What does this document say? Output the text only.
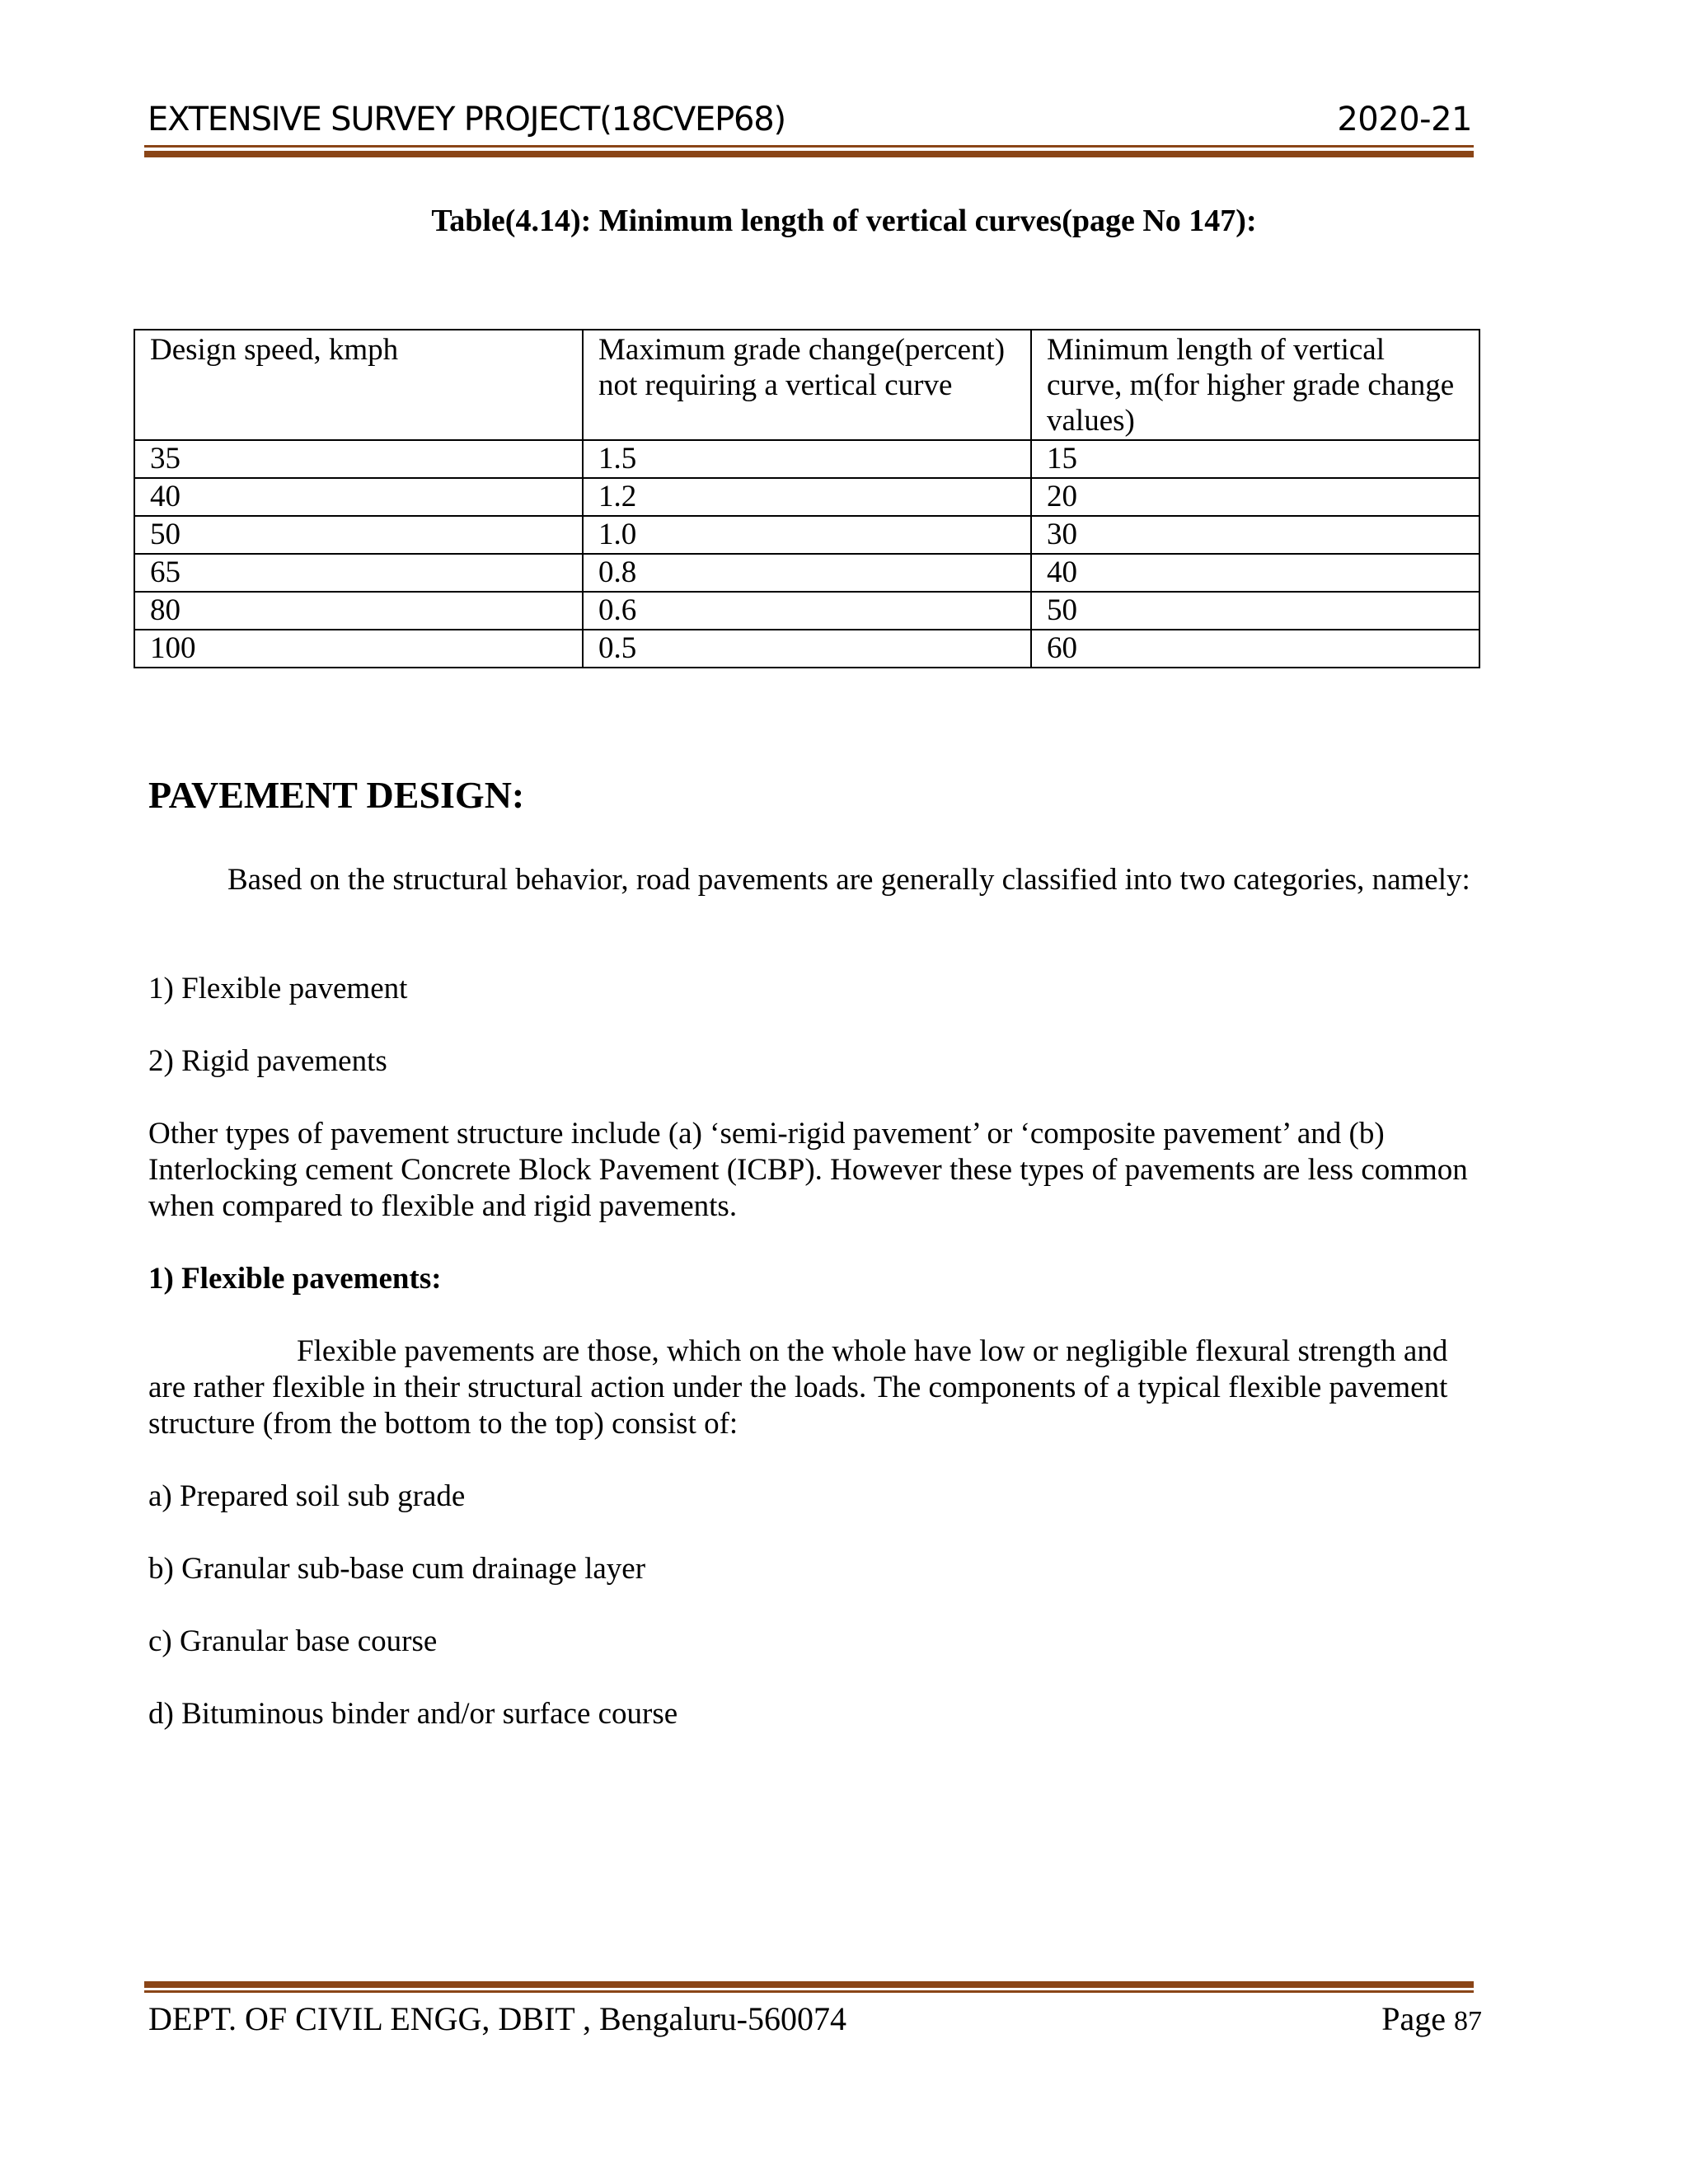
EXTENSIVE SURVEY PROJECT(18CVEP68)	2020-21
Table(4.14): Minimum length of vertical curves(page No 147):
Design speed, kmph	Maximum grade change(percent) not requiring a vertical curve	Minimum length of vertical curve, m(for higher grade change values)
35	1.5	15
40	1.2	20
50	1.0	30
65	0.8	40
80	0.6	50
100	0.5	60
PAVEMENT DESIGN:
Based on the structural behavior, road pavements are generally classified into two categories, namely:
1) Flexible pavement
2) Rigid pavements
Other types of pavement structure include (a) ‘semi-rigid pavement’ or ‘composite pavement’ and (b) Interlocking cement Concrete Block Pavement (ICBP). However these types of pavements are less common when compared to flexible and rigid pavements.
1) Flexible pavements:
Flexible pavements are those, which on the whole have low or negligible flexural strength and are rather flexible in their structural action under the loads. The components of a typical flexible pavement structure (from the bottom to the top) consist of:
a) Prepared soil sub grade
b) Granular sub-base cum drainage layer
c) Granular base course
d) Bituminous binder and/or surface course
DEPT. OF CIVIL ENGG, DBIT , Bengaluru-560074	Page 87
